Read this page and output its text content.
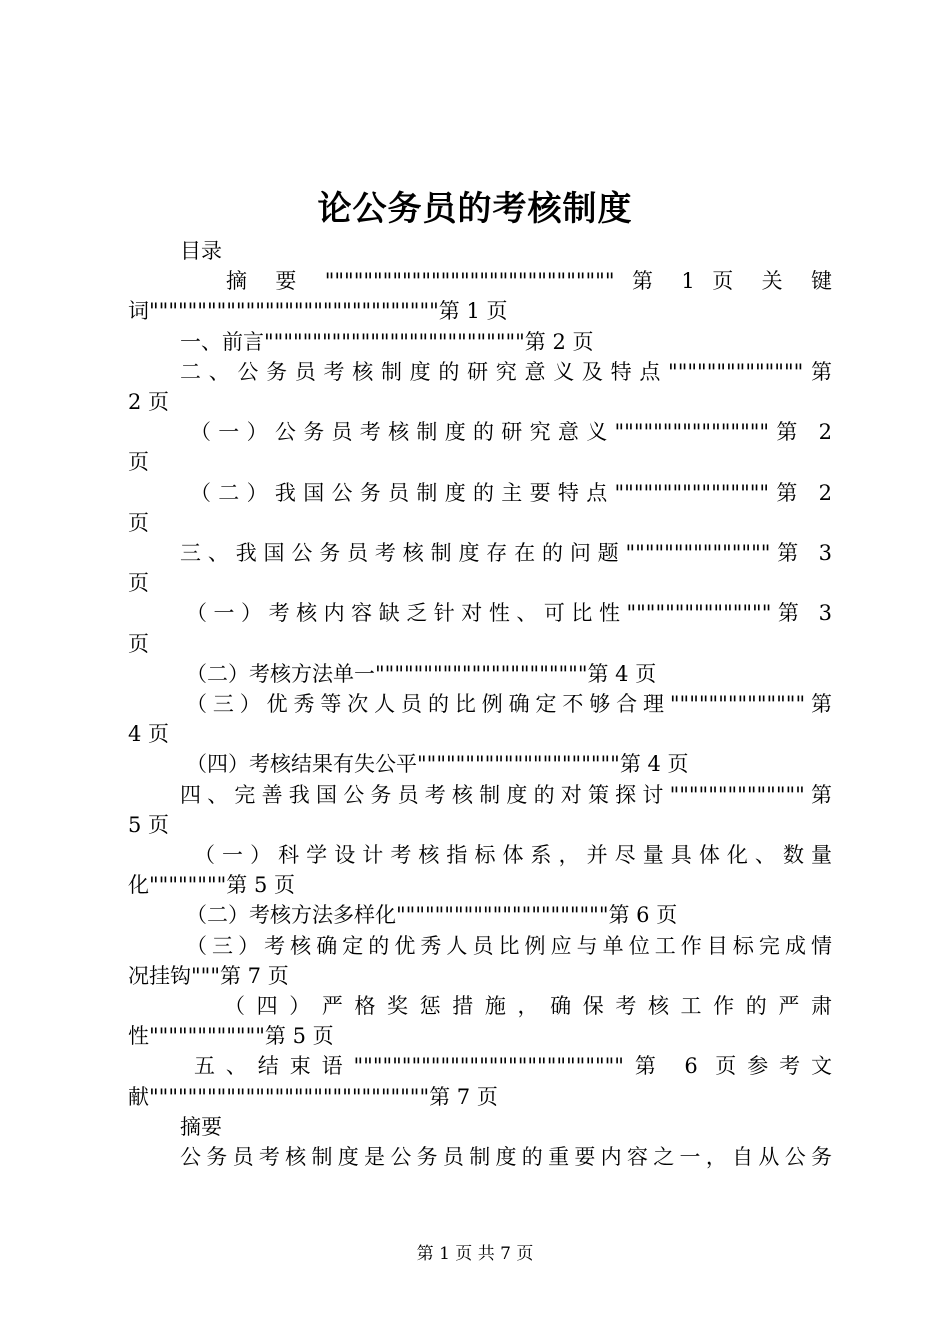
论公务员的考核制度
目录
摘 要 """""""""""""""""""""""""""""" 第 1 页 关 键
词""""""""""""""""""""""""""""""第 1 页
一、前言"""""""""""""""""""""""""""第 2 页
二、公务员考核制度的研究意义及特点""""""""""""""第
2 页
（一）公务员考核制度的研究意义""""""""""""""""第 2
页
（二）我国公务员制度的主要特点""""""""""""""""第 2
页
三、我国公务员考核制度存在的问题"""""""""""""""第 3
页
（一）考核内容缺乏针对性、可比性"""""""""""""""第 3
页
（二）考核方法单一""""""""""""""""""""""第 4 页
（三）优秀等次人员的比例确定不够合理""""""""""""""第
4 页
（四）考核结果有失公平"""""""""""""""""""""第 4 页
四、完善我国公务员考核制度的对策探讨""""""""""""""第
5 页
（一）科学设计考核指标体系，并尽量具体化、数量
化""""""""第 5 页
（二）考核方法多样化""""""""""""""""""""""第 6 页
（三）考核确定的优秀人员比例应与单位工作目标完成情
况挂钩"""第 7 页
（ 四 ） 严 格 奖 惩 措 施 ， 确 保 考 核 工 作 的 严 肃
性""""""""""""第 5 页
五、结束语""""""""""""""""""""""""""""第 6 页参考文
献"""""""""""""""""""""""""""""第 7 页
摘要
公务员考核制度是公务员制度的重要内容之一，自从公务
第 1 页 共 7 页
